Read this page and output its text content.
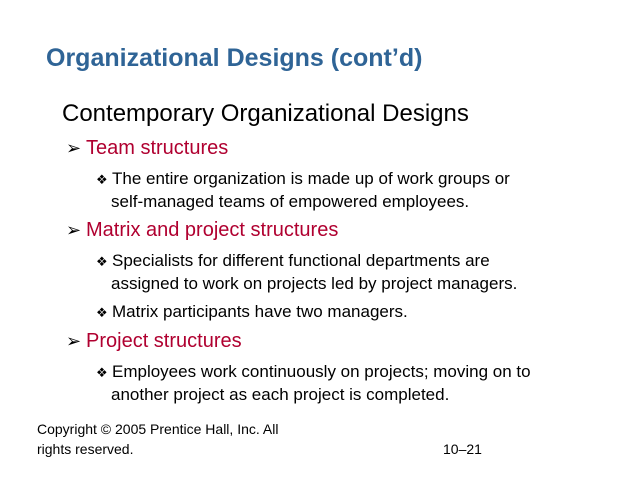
Organizational Designs (cont’d)
Contemporary Organizational Designs
➢ Team structures
❖ The entire organization is made up of work groups or
self-managed teams of empowered employees.
➢ Matrix and project structures
❖ Specialists for different functional departments are
assigned to work on projects led by project managers.
❖ Matrix participants have two managers.
➢ Project structures
❖ Employees work continuously on projects; moving on to
another project as each project is completed.
Copyright © 2005 Prentice Hall, Inc. All
rights reserved.	10–21
